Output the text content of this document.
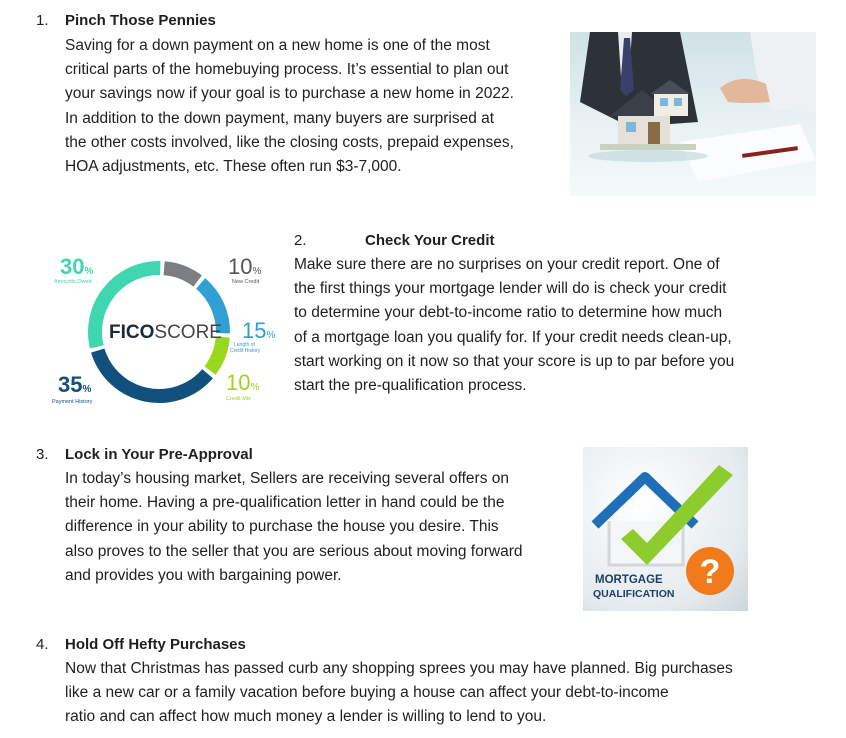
1. Pinch Those Pennies
Saving for a down payment on a new home is one of the most
critical parts of the homebuying process. It’s essential to plan out
your savings now if your goal is to purchase a new home in 2022.
In addition to the down payment, many buyers are surprised at
the other costs involved, like the closing costs, prepaid expenses,
HOA adjustments, etc. These often run $3-7,000.
FICOSCORE
30%
Amounts Owed
10%
New Credit
15%
Length of
Credit History
10%
Credit Mix
35%
Payment History
2.	Check Your Credit
Make sure there are no surprises on your credit report. One of
the first things your mortgage lender will do is check your credit
to determine your debt-to-income ratio to determine how much
of a mortgage loan you qualify for. If your credit needs clean-up,
start working on it now so that your score is up to par before you
start the pre-qualification process.
3. Lock in Your Pre-Approval
In today’s housing market, Sellers are receiving several offers on
their home. Having a pre-qualification letter in hand could be the
difference in your ability to purchase the house you desire. This
also proves to the seller that you are serious about moving forward
and provides you with bargaining power.	?
MORTGAGE
QUALIFICATION
4. Hold Off Hefty Purchases
Now that Christmas has passed curb any shopping sprees you may have planned. Big purchases
like a new car or a family vacation before buying a house can affect your debt-to-income
ratio and can affect how much money a lender is willing to lend to you.
